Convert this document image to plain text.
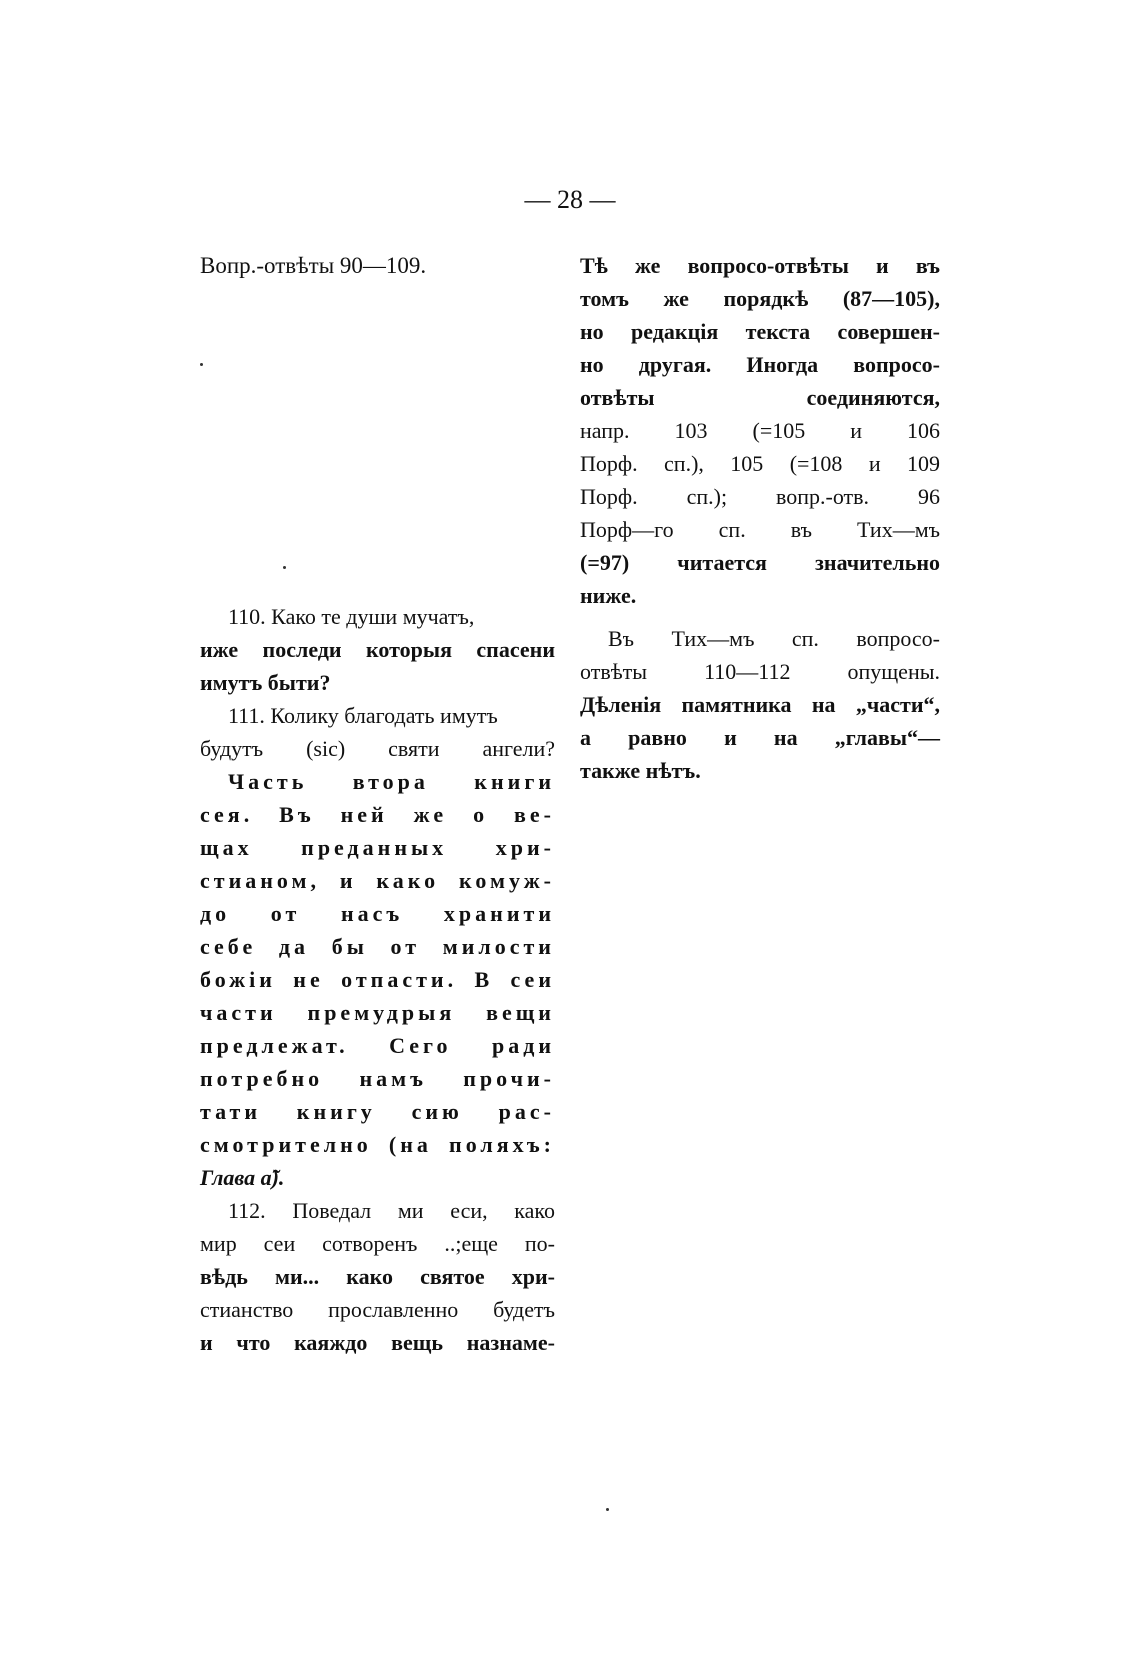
— 28 —
Вопр.-отвѣты 90—109.
110. Како те души мучатъ,
иже последи которыя спасени
имутъ быти?
111. Колику благодать имутъ
будутъ (sic) святи ангели?
Часть втора книги
сея. Въ ней же о ве-
щах преданных хри-
стианом, и како комуж-
до от насъ хранити
себе да бы от милости
божiи не отпасти. В сеи
части премудрыя вещи
предлежат. Сего ради
потребно намъ прочи-
тати книгу сию рас-
смотрително (на поляхъ:
Глава а̃).
112. Поведал ми еси, како
мир сеи сотворенъ ..;еще по-
вѣдь ми... како святое хри-
стианство прославленно будетъ
и что каяждо вещь назнаме-
Тѣ же вопросо-отвѣты и въ
томъ же порядкѣ (87—105),
но редакція текста совершен-
но другая. Иногда вопросо-
отвѣты соединяются,
напр. 103 (=105 и 106
Порф. сп.), 105 (=108 и 109
Порф. сп.); вопр.-отв. 96
Порф—го сп. въ Тих—мъ
(=97) читается значительно
ниже.
Въ Тих—мъ сп. вопросо-
отвѣты 110—112 опущены.
Дѣленія памятника на „части“,
а равно и на „главы“—
также нѣтъ.
